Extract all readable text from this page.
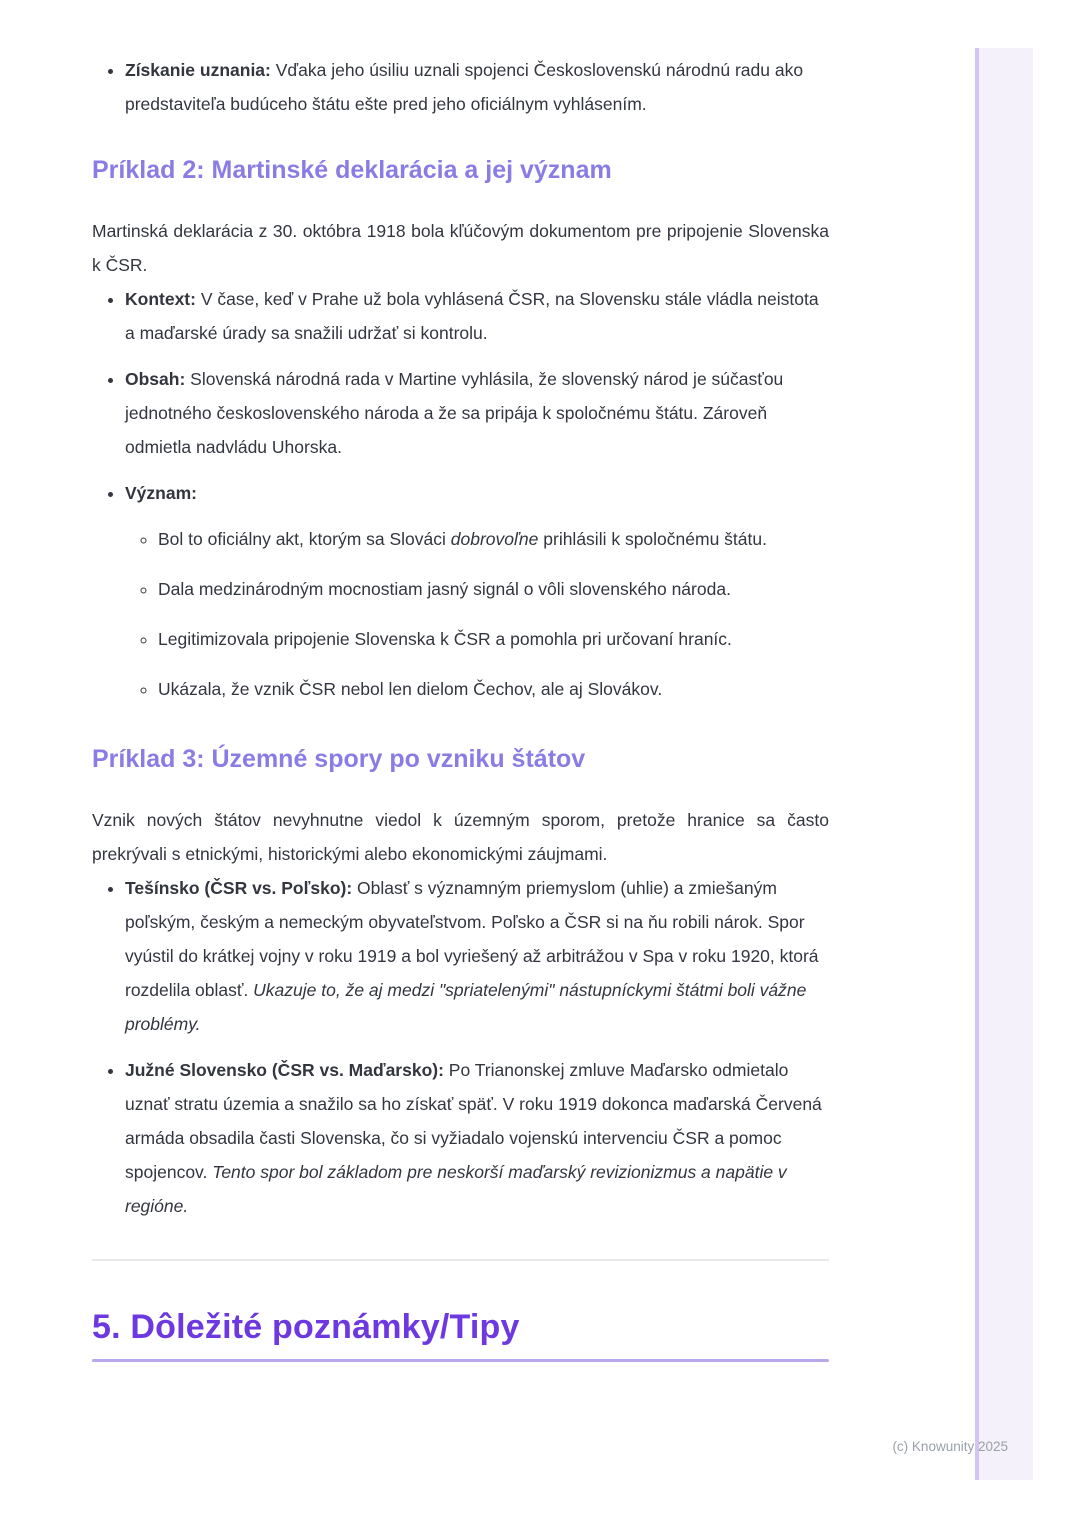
• Získanie uznania: Vďaka jeho úsiliu uznali spojenci Československú národnú radu ako predstaviteľa budúceho štátu ešte pred jeho oficiálnym vyhlásením.
Príklad 2: Martinské deklarácia a jej význam

Martinská deklarácia z 30. októbra 1918 bola kľúčovým dokumentom pre pripojenie Slovenska k ČSR.

• Kontext: V čase, keď v Prahe už bola vyhlásená ČSR, na Slovensku stále vládla neistota a maďarské úrady sa snažili udržať si kontrolu.
• Obsah: Slovenská národná rada v Martine vyhlásila, že slovenský národ je súčasťou jednotného československého národa a že sa pripája k spoločnému štátu. Zároveň odmietla nadvládu Uhorska.
• Význam:
◦ Bol to oficiálny akt, ktorým sa Slováci dobrovoľne prihlásili k spoločnému štátu.
◦ Dala medzinárodným mocnostiam jasný signál o vôli slovenského národa.
◦ Legitimizovala pripojenie Slovenska k ČSR a pomohla pri určovaní hraníc.
◦ Ukázala, že vznik ČSR nebol len dielom Čechov, ale aj Slovákov.
Príklad 3: Územné spory po vzniku štátov

Vznik nových štátov nevyhnutne viedol k územným sporom, pretože hranice sa často prekrývali s etnickými, historickými alebo ekonomickými záujmami.

• Tešínsko (ČSR vs. Poľsko): Oblasť s významným priemyslom (uhlie) a zmiešaným poľským, českým a nemeckým obyvateľstvom. Poľsko a ČSR si na ňu robili nárok. Spor vyústil do krátkej vojny v roku 1919 a bol vyriešený až arbitrážou v Spa v roku 1920, ktorá rozdelila oblasť. Ukazuje to, že aj medzi "spriatelenými" nástupníckymi štátmi boli vážne problémy.
• Južné Slovensko (ČSR vs. Maďarsko): Po Trianonskej zmluve Maďarsko odmietalo uznať stratu územia a snažilo sa ho získať späť. V roku 1919 dokonca maďarská Červená armáda obsadila časti Slovenska, čo si vyžiadalo vojenskú intervenciu ČSR a pomoc spojencov. Tento spor bol základom pre neskorší maďarský revizionizmus a napätie v regióne.
5. Dôležité poznámky/Tipy
(c) Knowunity 2025
